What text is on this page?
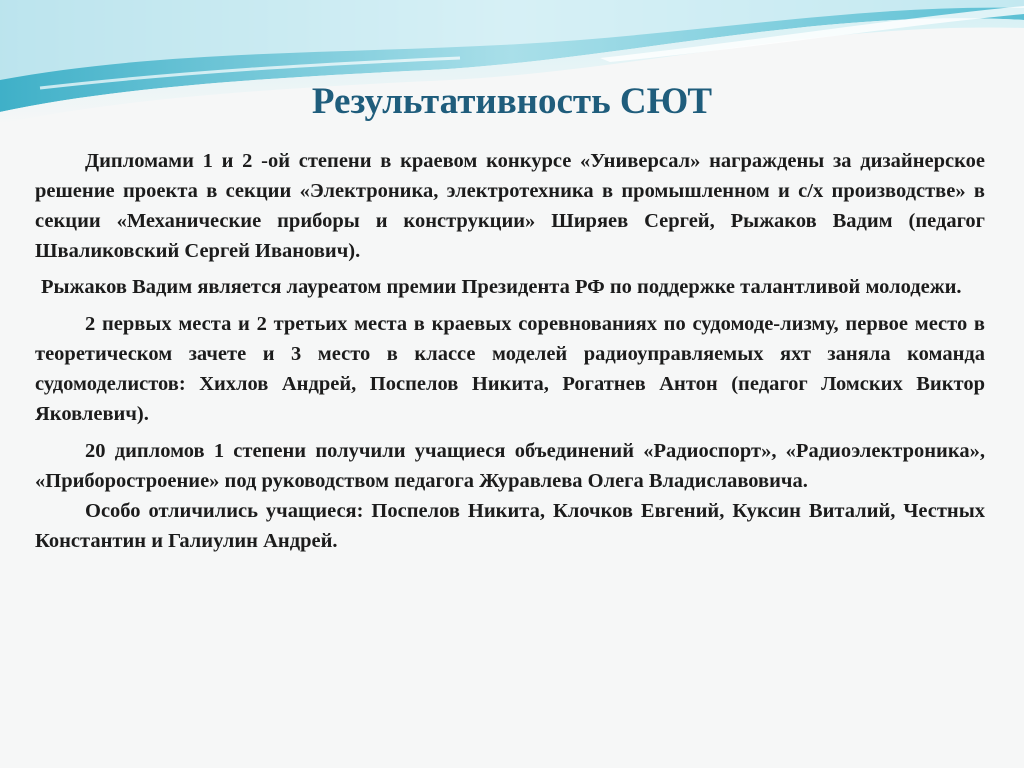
Результативность СЮТ

Дипломами 1 и 2 -ой степени в краевом конкурсе «Универсал» награждены за дизайнерское решение проекта в секции «Электроника, электротехника в промышленном и с/х производстве» в секции «Механические приборы и конструкции» Ширяев Сергей, Рыжаков Вадим (педагог Швaликовский Сергей Иванович).

Рыжаков Вадим является лауреатом премии Президента РФ по поддержке талантливой молодежи.

2 первых места и 2 третьих места в краевых соревнованиях по судомоде-лизму, первое место в теоретическом зачете и 3 место в классе моделей радиоуправляемых яхт заняла команда судомоделистов: Хихлов Андрей, Поспелов Никита, Рогатнев Антон (педагог Ломских Виктор Яковлевич).

20 дипломов 1 степени получили учащиеся объединений «Радиоспорт», «Радиоэлектроника», «Приборостроение» под руководством педагога Журавлева Олега Владиславовича.

Особо отличились учащиеся: Поспелов Никита, Клочков Евгений, Куксин Виталий, Честных Константин и Галиулин Андрей.
